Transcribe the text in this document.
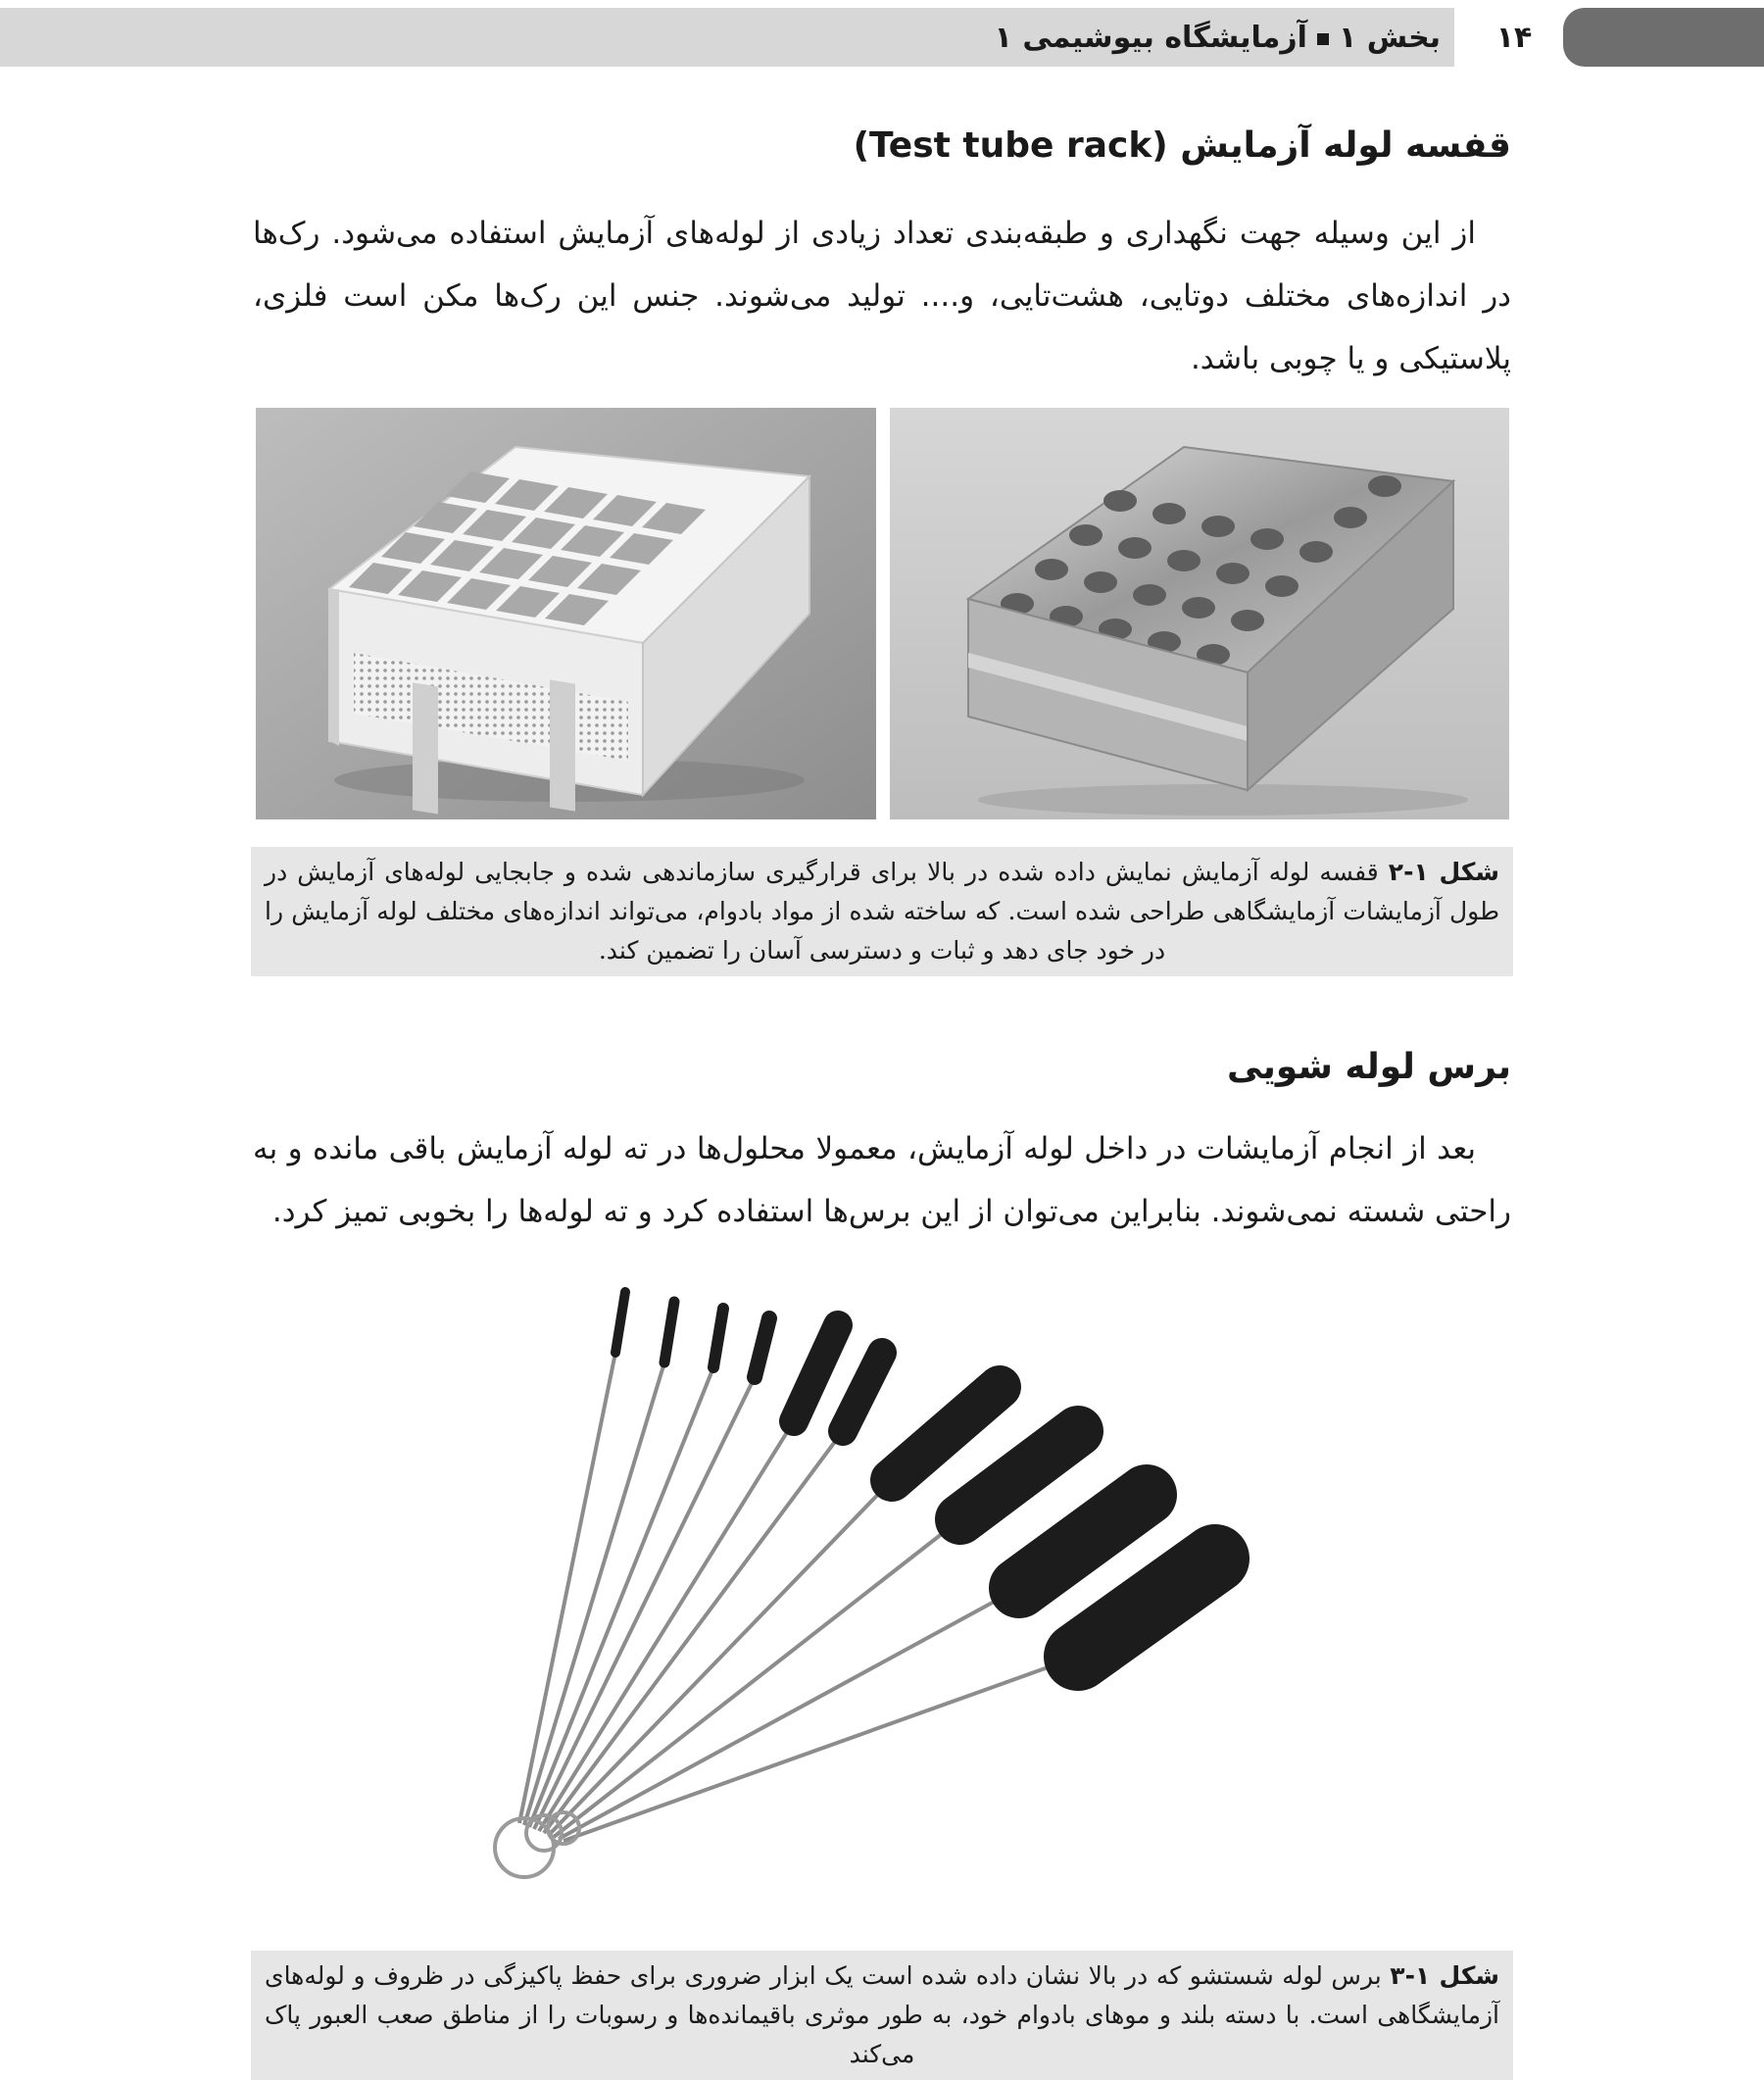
۱۴
بخش ۱آزمایشگاه بیوشیمی ۱
قفسه لوله آزمایش (Test tube rack)

از این وسیله جهت نگهداری و طبقه‌بندی تعداد زیادی از لوله‌های آزمایش استفاده می‌شود. رک‌ها در اندازه‌های مختلف دوتایی، هشت‌تایی، و.... تولید می‌شوند. جنس این رک‌ها مکن است فلزی، پلاستیکی و یا چوبی باشد.

شکل ۱-۲ قفسه لوله آزمایش نمایش داده شده در بالا برای قرارگیری سازماندهی شده و جابجایی لوله‌های آزمایش در طول آزمایشات آزمایشگاهی طراحی شده است. که ساخته شده از مواد بادوام، می‌تواند اندازه‌های مختلف لوله آزمایش را در خود جای دهد و ثبات و دسترسی آسان را تضمین کند.
برس لوله شویی

بعد از انجام آزمایشات در داخل لوله آزمایش، معمولا محلول‌ها در ته لوله آزمایش باقی مانده و به راحتی شسته نمی‌شوند. بنابراین می‌توان از این برس‌ها استفاده کرد و ته لوله‌ها را بخوبی تمیز کرد.

شکل ۱-۳ برس لوله شستشو که در بالا نشان داده شده است یک ابزار ضروری برای حفظ پاکیزگی در ظروف و لوله‌های آزمایشگاهی است. با دسته بلند و موهای بادوام خود، به طور موثری باقیمانده‌ها و رسوبات را از مناطق صعب العبور پاک می‌کند
